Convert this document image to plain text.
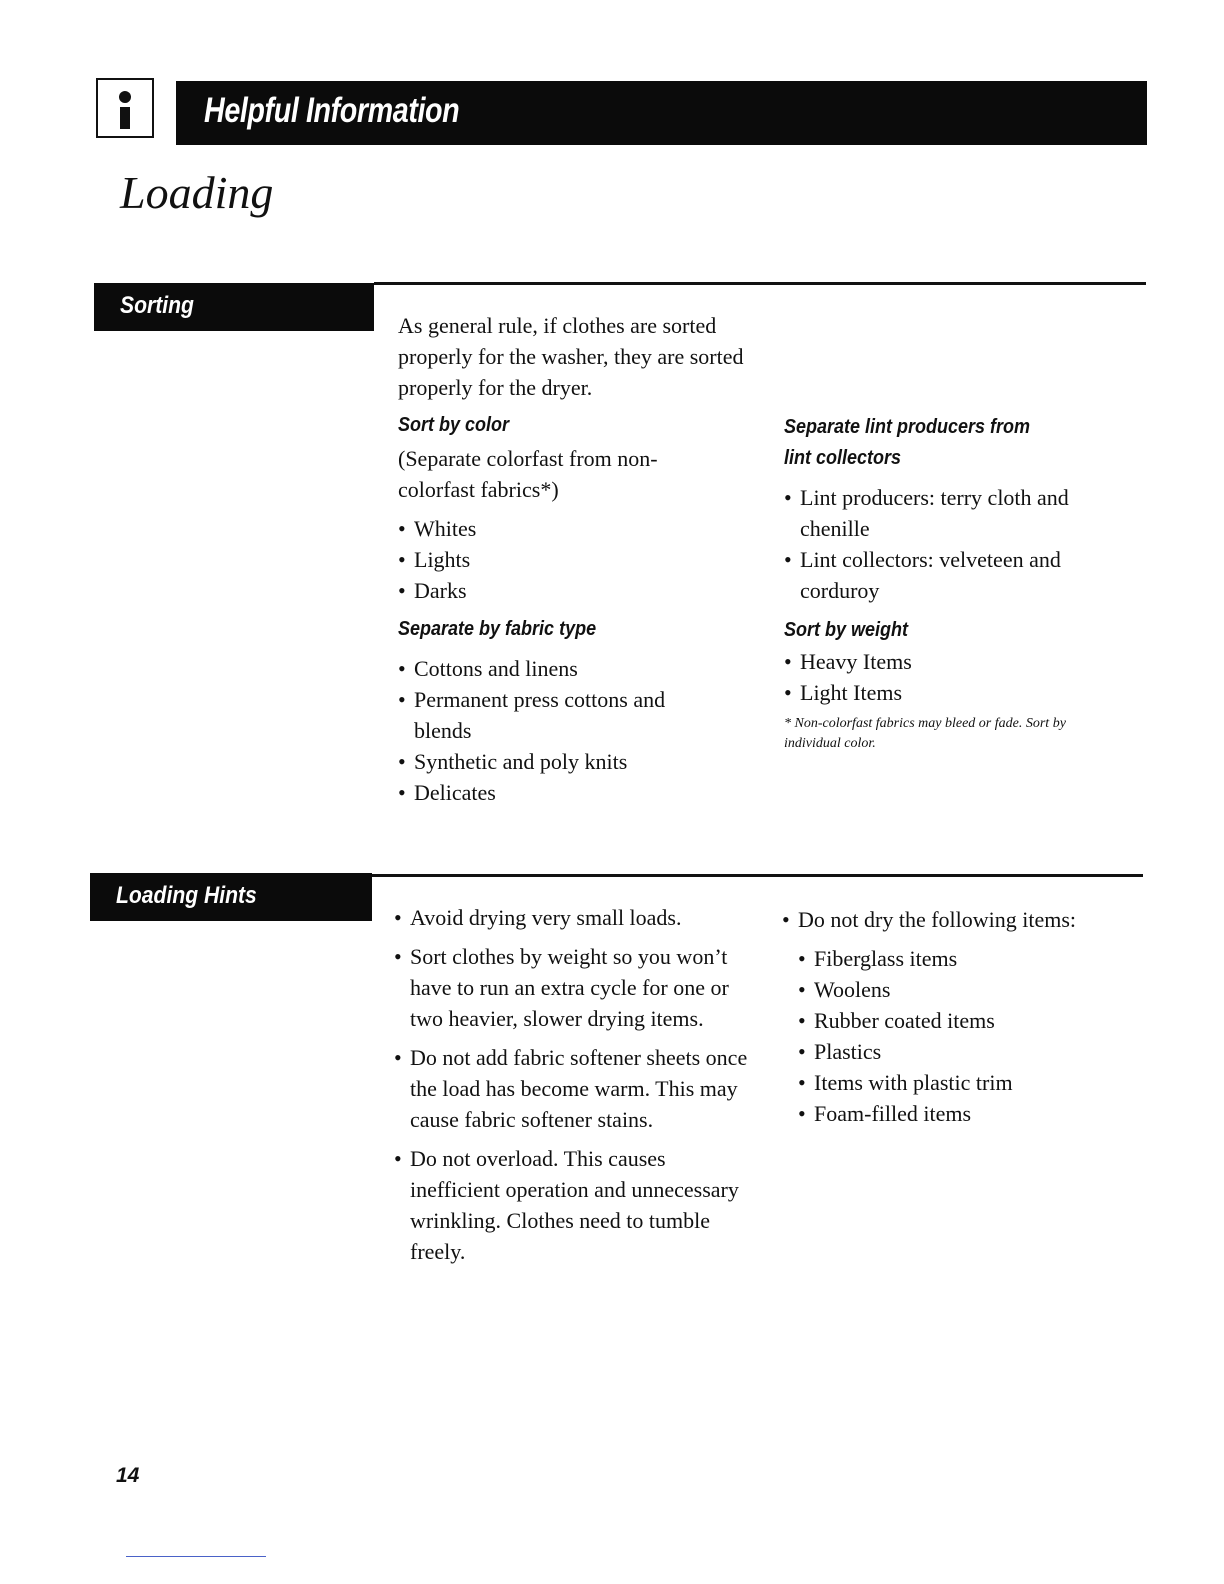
Helpful Information
Loading
Sorting
As general rule, if clothes are sorted properly for the washer, they are sorted properly for the dryer.
Sort by color
(Separate colorfast from non-colorfast fabrics*)
• Whites
• Lights
• Darks
Separate by fabric type
• Cottons and linens
• Permanent press cottons and blends
• Synthetic and poly knits
• Delicates
Separate lint producers from
lint collectors
• Lint producers: terry cloth and chenille
• Lint collectors: velveteen and corduroy
Sort by weight
• Heavy Items
• Light Items
* Non-colorfast fabrics may bleed or fade. Sort by individual color.
Loading Hints
• Avoid drying very small loads.
• Sort clothes by weight so you won’t have to run an extra cycle for one or two heavier, slower drying items.
• Do not add fabric softener sheets once the load has become warm. This may cause fabric softener stains.
• Do not overload. This causes inefficient operation and unnecessary wrinkling. Clothes need to tumble freely.
• Do not dry the following items:
• Fiberglass items
• Woolens
• Rubber coated items
• Plastics
• Items with plastic trim
• Foam-filled items
14
